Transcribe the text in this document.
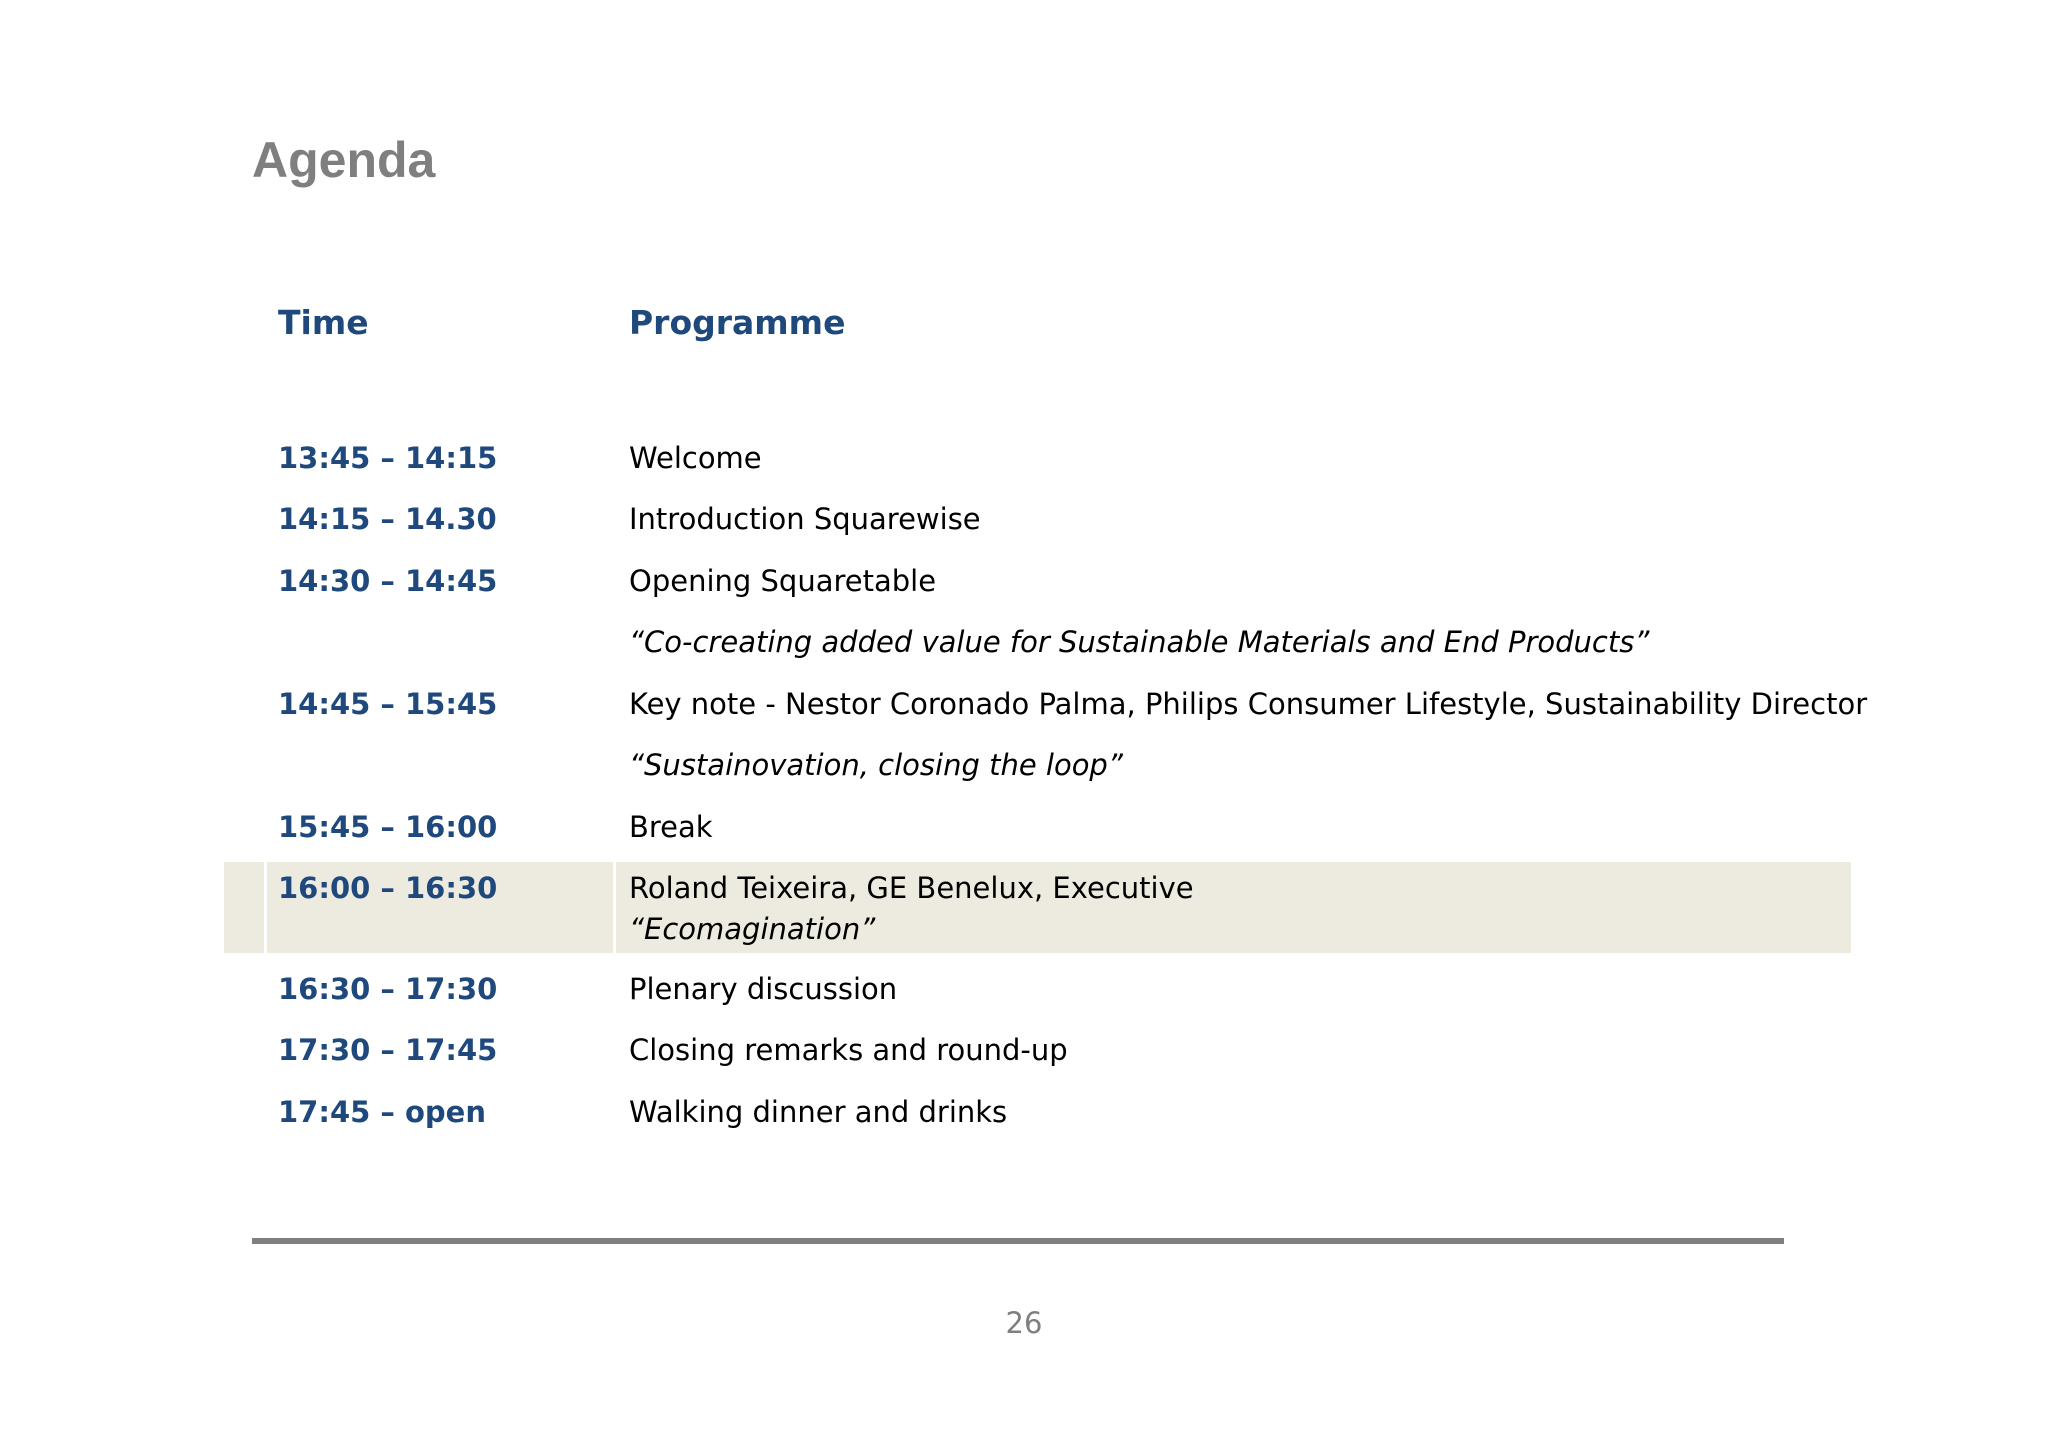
Agenda
Time	Programme
13:45 – 14:15	Welcome
14:15 – 14.30	Introduction Squarewise
14:30 – 14:45	Opening Squaretable
“Co-creating added value for Sustainable Materials and End Products”
14:45 – 15:45	Key note - Nestor Coronado Palma, Philips Consumer Lifestyle, Sustainability Director
“Sustainovation, closing the loop”
15:45 – 16:00	Break
16:00 – 16:30	Roland Teixeira, GE Benelux, Executive
“Ecomagination”
16:30 – 17:30	Plenary discussion
17:30 – 17:45	Closing remarks and round-up
17:45 – open	Walking dinner and drinks
26
